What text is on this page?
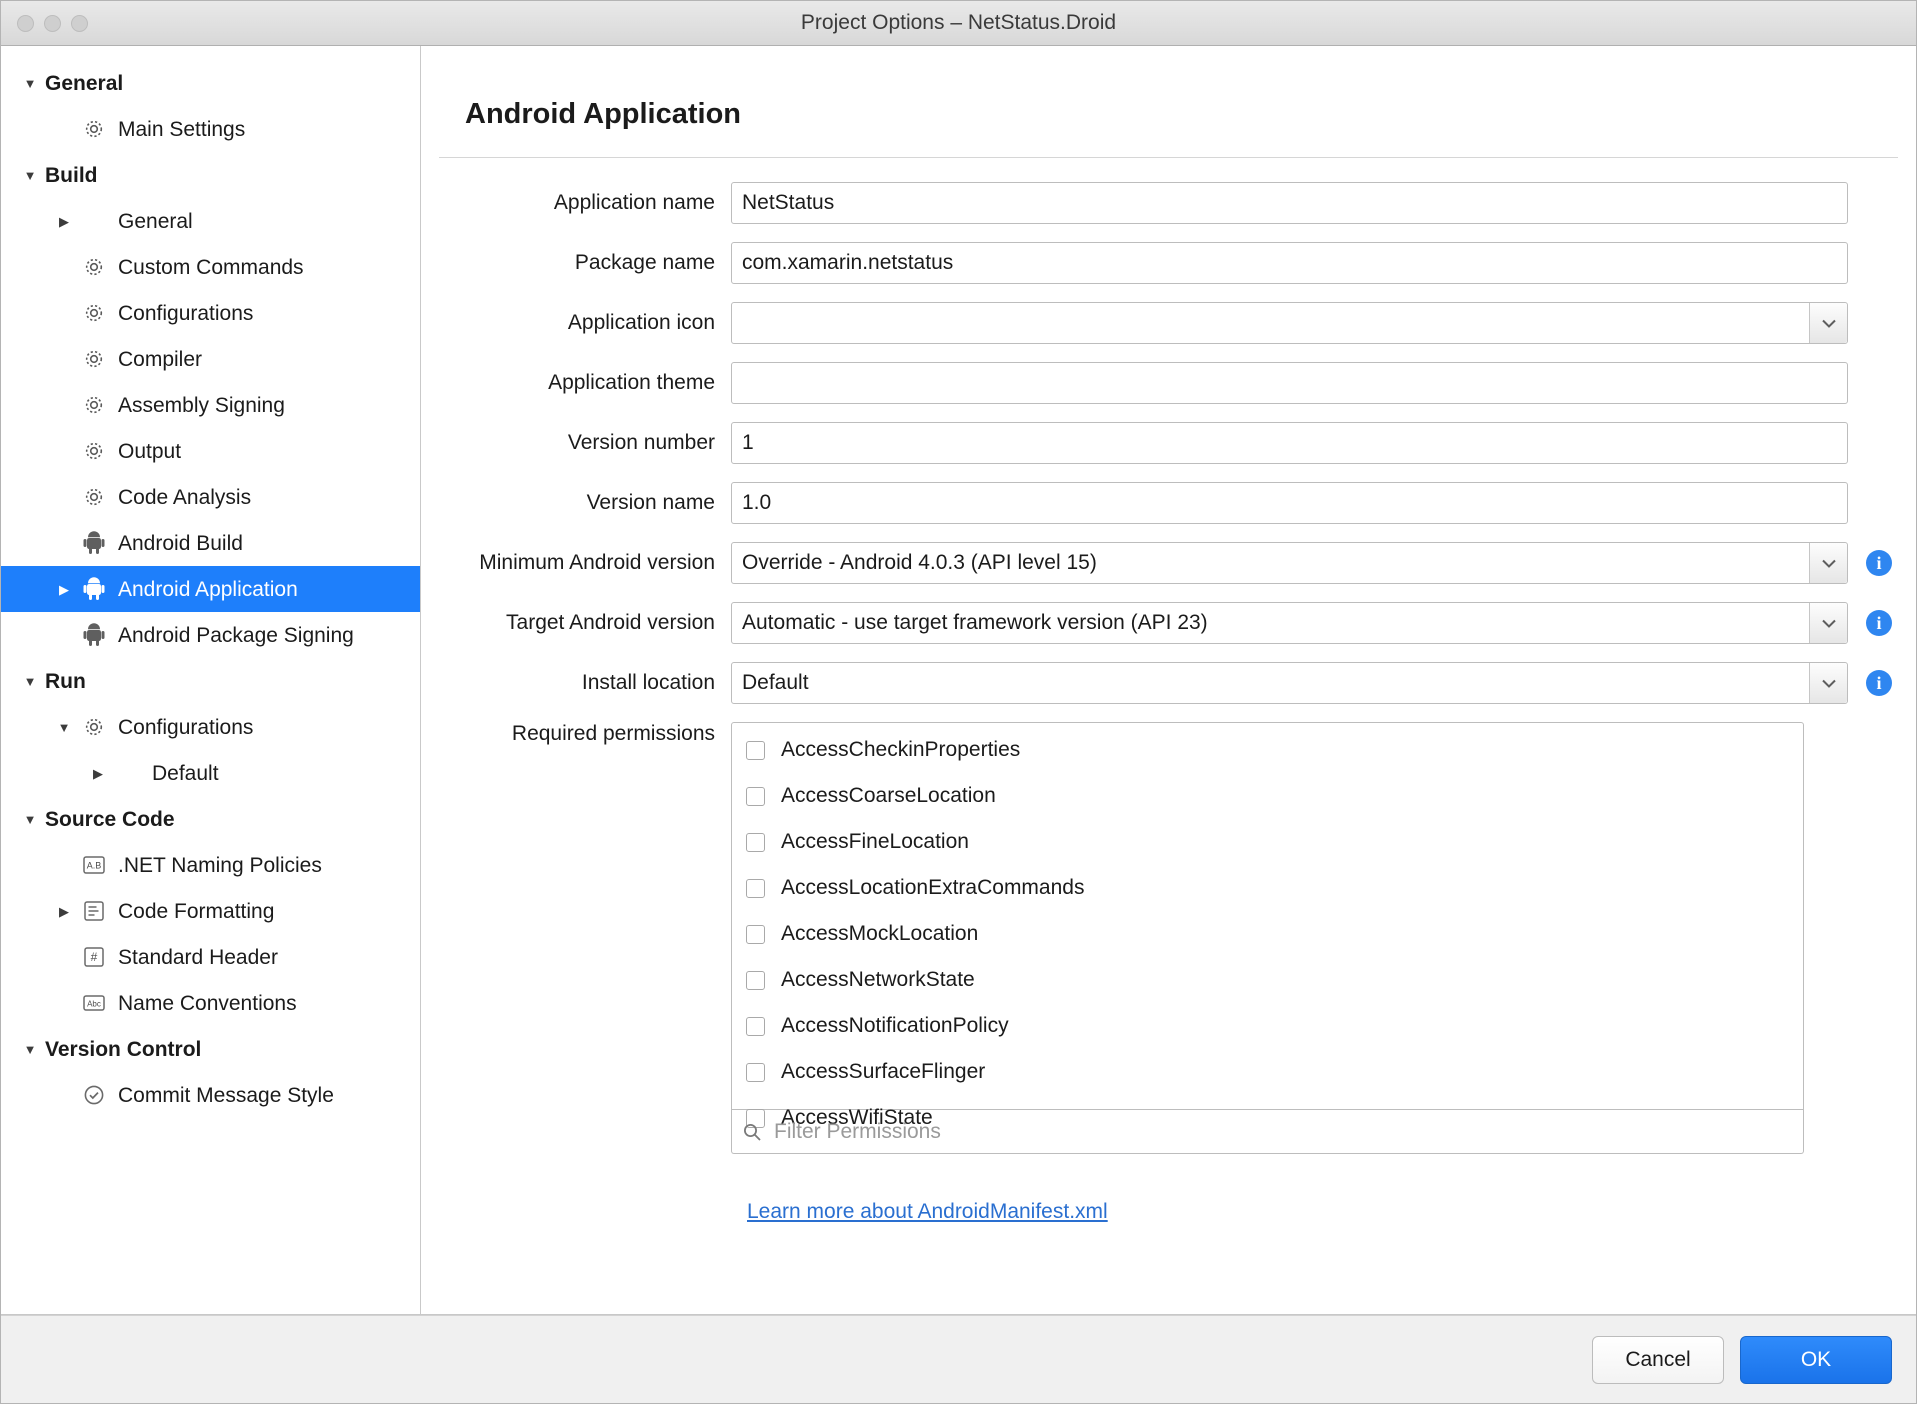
Project Options – NetStatus.Droid
▼ General
Main Settings
▼ Build
▶ General
Custom Commands
Configurations
Compiler
Assembly Signing
Output
Code Analysis
Android Build
▶ Android Application
Android Package Signing
▼ Run
▼ Configurations
▶ Default
▼ Source Code
A.B .NET Naming Policies
▶ Code Formatting
# Standard Header
Abc Name Conventions
▼ Version Control
Commit Message Style
Android Application
Application name	NetStatus
Package name	com.xamarin.netstatus
Application icon
Application theme
Version number	1
Version name	1.0
Minimum Android version	Override - Android 4.0.3 (API level 15)	i
Target Android version	Automatic - use target framework version (API 23)	i
Install location	Default	i
Required permissions
AccessCheckinProperties
AccessCoarseLocation
AccessFineLocation
AccessLocationExtraCommands
AccessMockLocation
AccessNetworkState
AccessNotificationPolicy
AccessSurfaceFlinger
AccessWifiState
Filter Permissions
Learn more about AndroidManifest.xml
Cancel	OK
